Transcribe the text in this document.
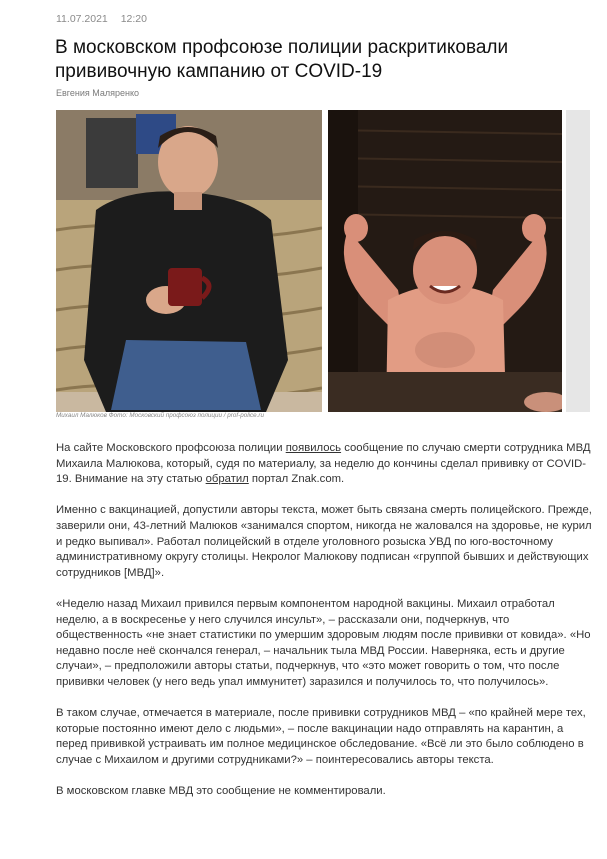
11.07.2021 12:20
В московском профсоюзе полиции раскритиковали прививочную кампанию от COVID-19
Евгения Маляренко
Михаил Малюков Фото: Московский профсоюз полиции / prof-police.ru

На сайте Московского профсоюза полиции появилось сообщение по случаю смерти сотрудника МВД Михаила Малюкова, который, судя по материалу, за неделю до кончины сделал прививку от COVID-19. Внимание на эту статью обратил портал Znak.com.

Именно с вакцинацией, допустили авторы текста, может быть связана смерть полицейского. Прежде, заверили они, 43-летний Малюков «занимался спортом, никогда не жаловался на здоровье, не курил и редко выпивал». Работал полицейский в отделе уголовного розыска УВД по юго-восточному административному округу столицы. Некролог Малюкову подписан «группой бывших и действующих сотрудников [МВД]».

«Неделю назад Михаил привился первым компонентом народной вакцины. Михаил отработал неделю, а в воскресенье у него случился инсульт», – рассказали они, подчеркнув, что общественность «не знает статистики по умершим здоровым людям после прививки от ковида». «Но недавно после неё скончался генерал, – начальник тыла МВД России. Наверняка, есть и другие случаи», – предположили авторы статьи, подчеркнув, что «это может говорить о том, что после прививки человек (у него ведь упал иммунитет) заразился и получилось то, что получилось».

В таком случае, отмечается в материале, после прививки сотрудников МВД – «по крайней мере тех, которые постоянно имеют дело с людьми», – после вакцинации надо отправлять на карантин, а перед прививкой устраивать им полное медицинское обследование. «Всё ли это было соблюдено в случае с Михаилом и другими сотрудниками?» – поинтересовались авторы текста.

В московском главке МВД это сообщение не комментировали.
